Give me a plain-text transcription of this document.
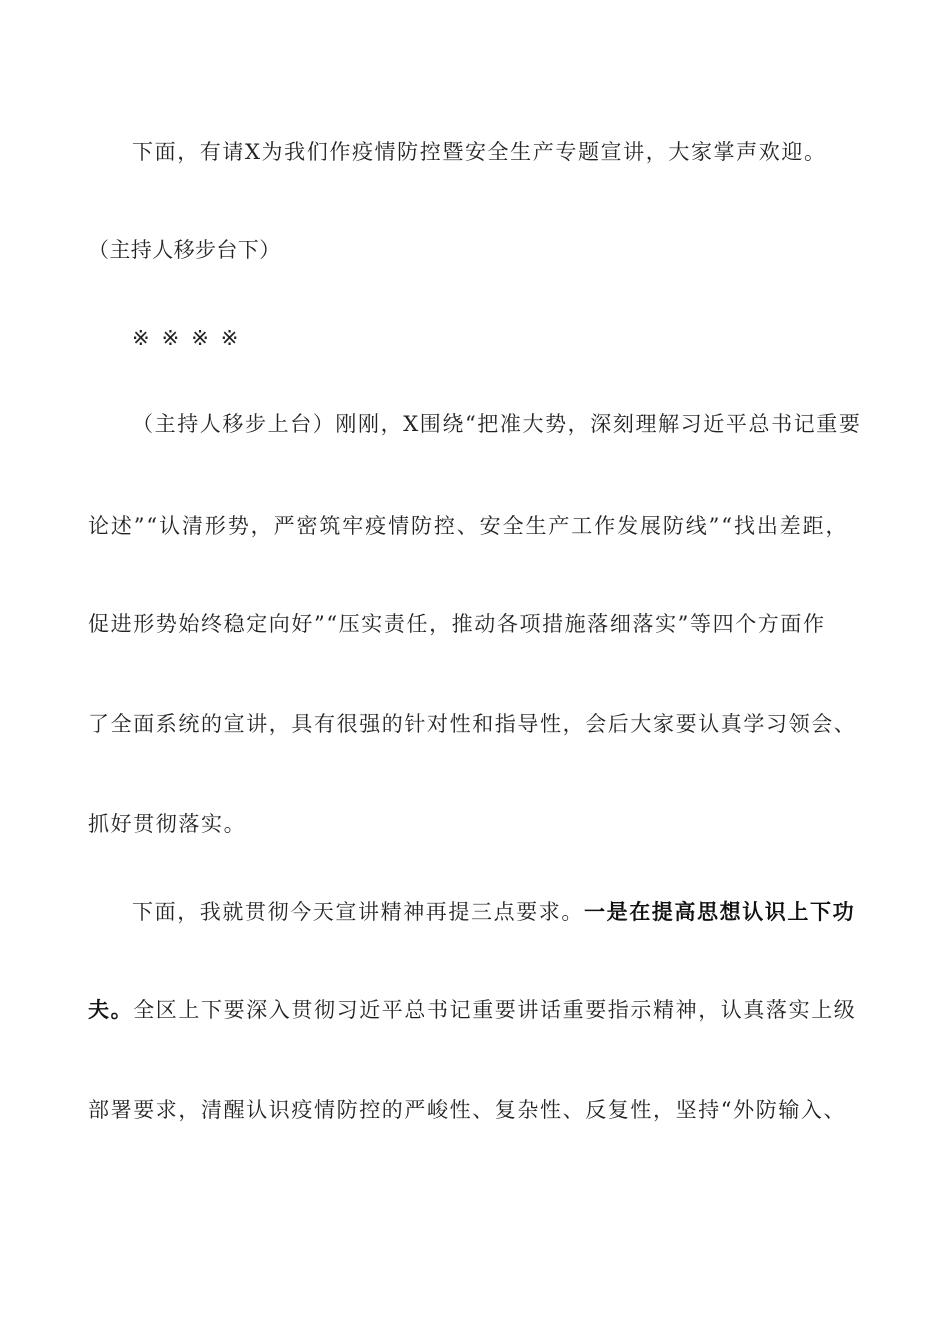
下面，有请X为我们作疫情防控暨安全生产专题宣讲，大家掌声欢迎。
（主持人移步台下）
※※※※
（主持人移步上台）刚刚，X围绕“把准大势，深刻理解习近平总书记重要
论述”“认清形势，严密筑牢疫情防控、安全生产工作发展防线”“找出差距，
促进形势始终稳定向好”“压实责任，推动各项措施落细落实”等四个方面作
了全面系统的宣讲，具有很强的针对性和指导性，会后大家要认真学习领会、
抓好贯彻落实。
下面，我就贯彻今天宣讲精神再提三点要求。一是在提高思想认识上下功
夫。全区上下要深入贯彻习近平总书记重要讲话重要指示精神，认真落实上级
部署要求，清醒认识疫情防控的严峻性、复杂性、反复性，坚持“外防输入、
